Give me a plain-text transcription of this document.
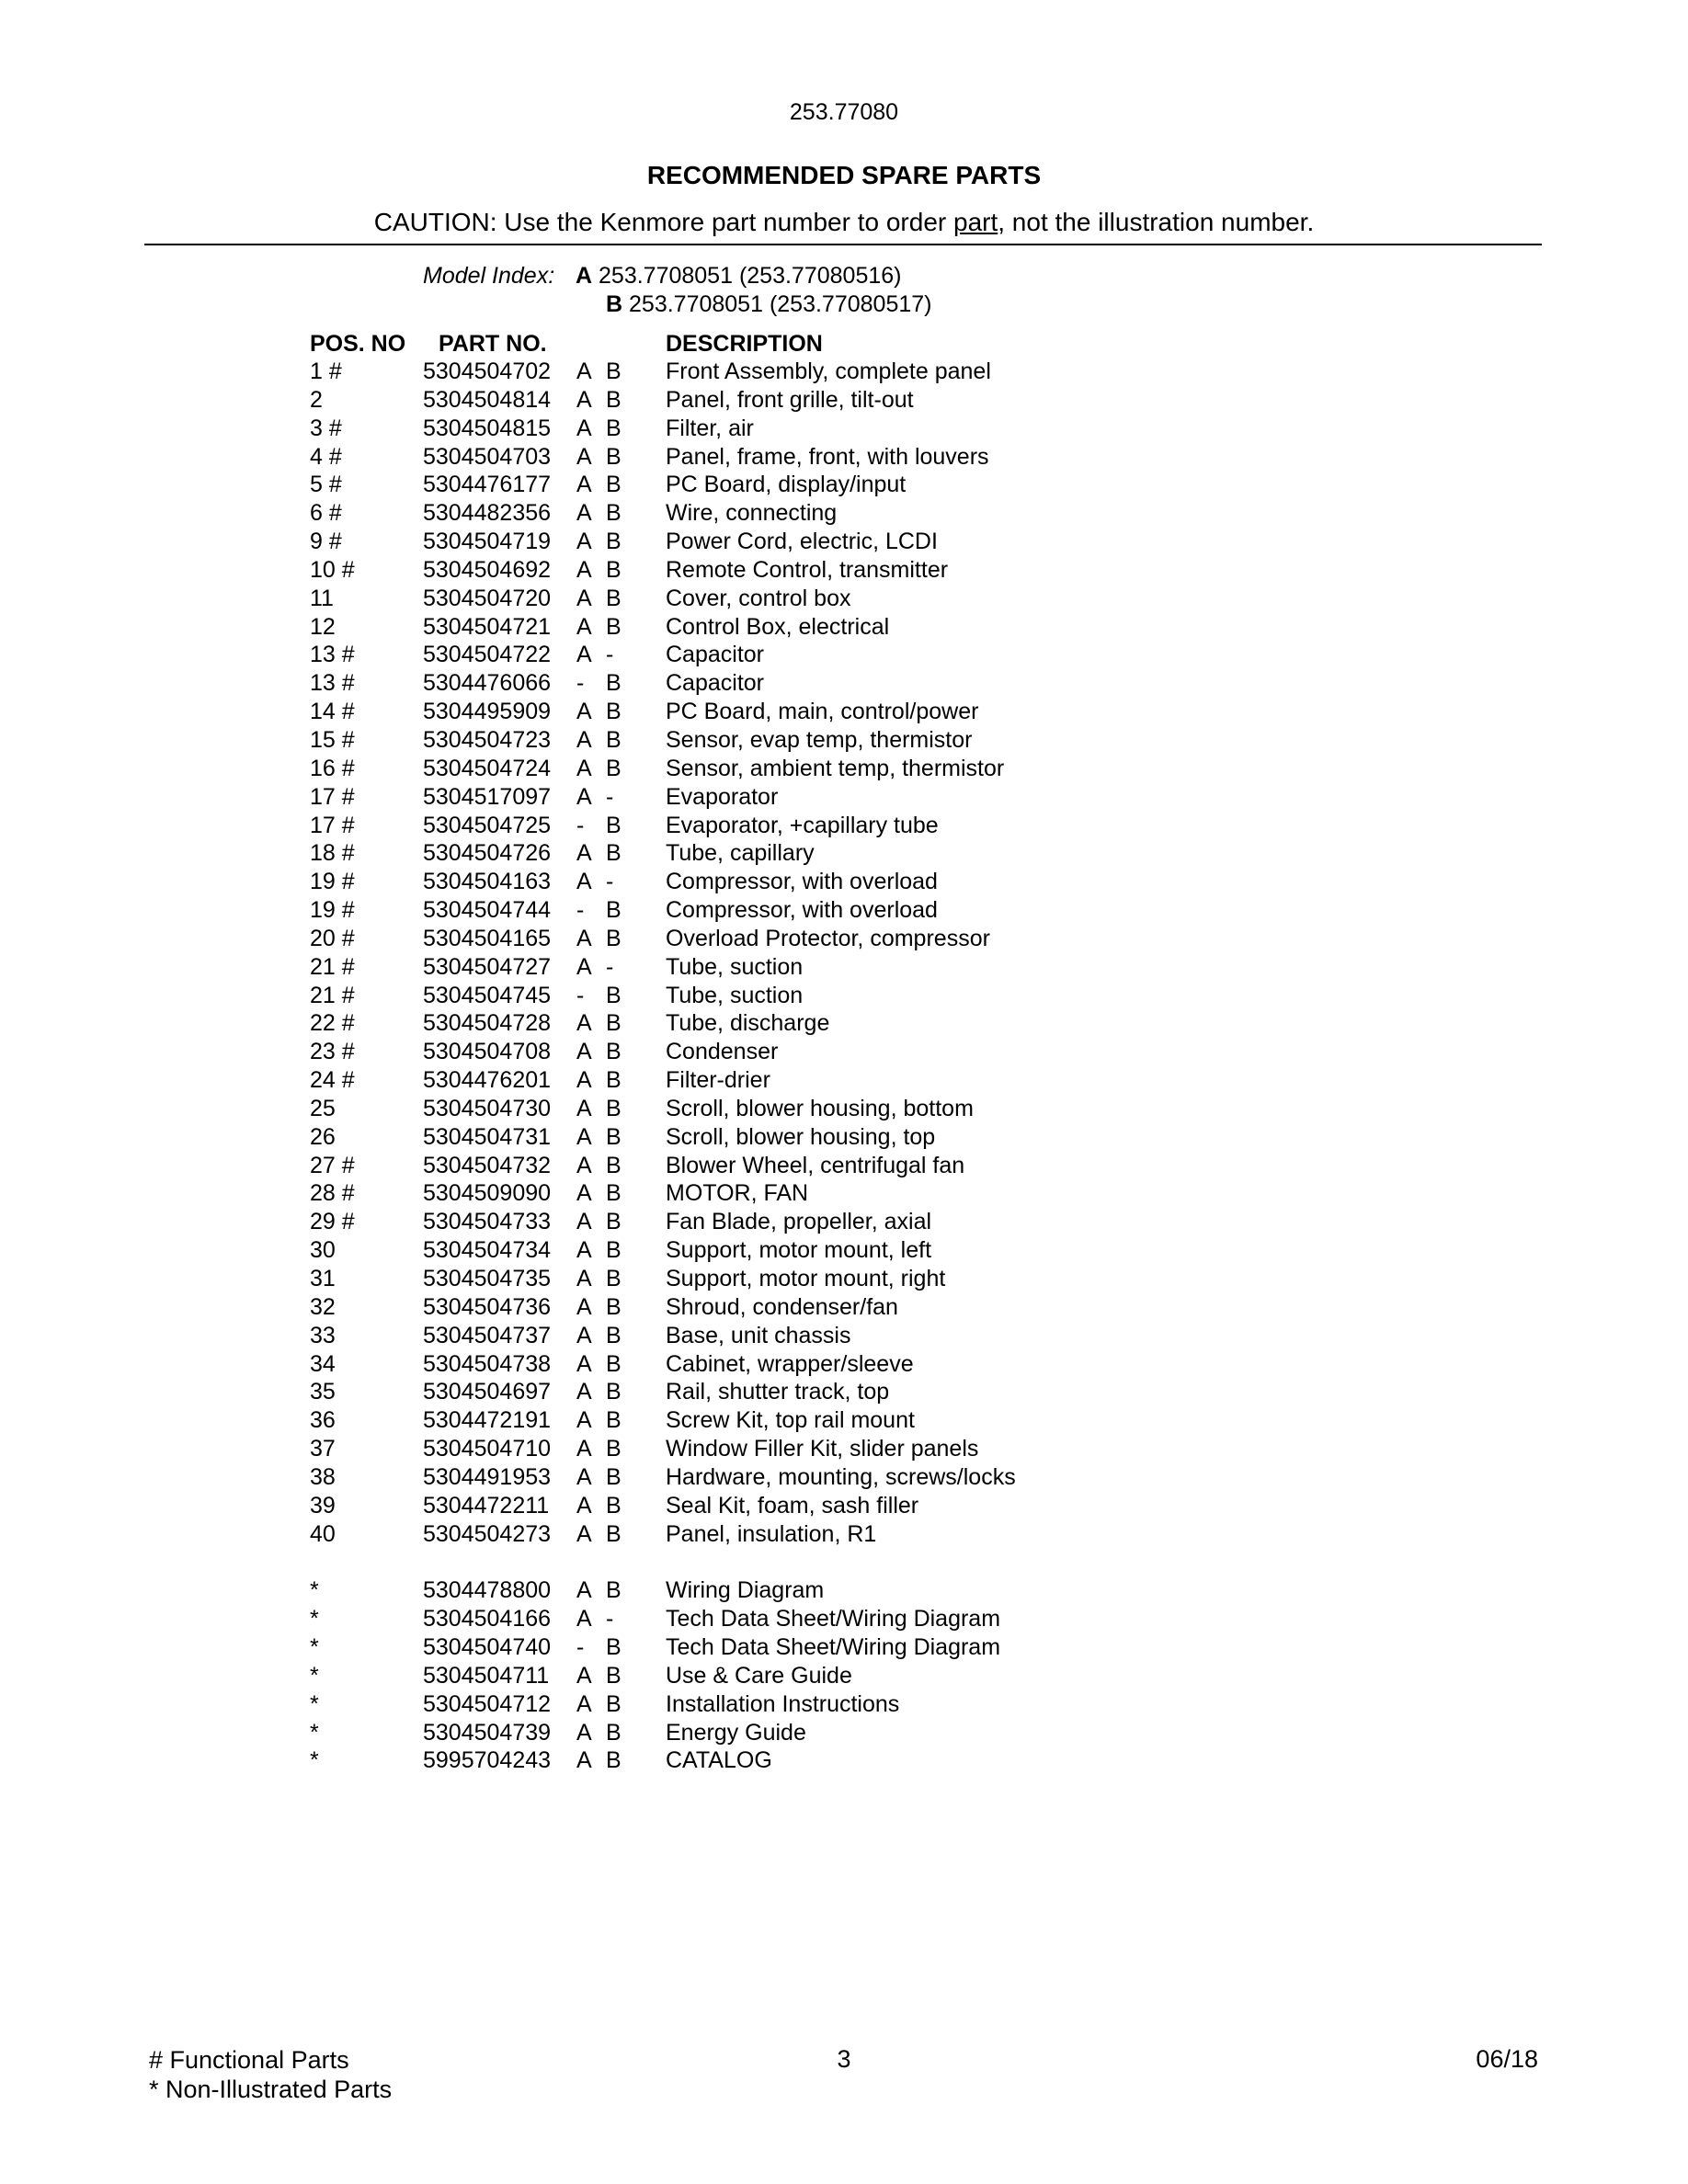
253.77080
RECOMMENDED SPARE PARTS
CAUTION: Use the Kenmore part number to order part, not the illustration number.
Model Index: A 253.7708051 (253.77080516)
B 253.7708051 (253.77080517)
POS. NO PART NO.	DESCRIPTION
1 #	5304504702 A B Front Assembly, complete panel
2	5304504814 A B Panel, front grille, tilt-out
3 #	5304504815 A B Filter, air
4 #	5304504703 A B Panel, frame, front, with louvers
5 #	5304476177 A B PC Board, display/input
6 #	5304482356 A B Wire, connecting
9 #	5304504719 A B Power Cord, electric, LCDI
10 #	5304504692 A B Remote Control, transmitter
11	5304504720 A B Cover, control box
12	5304504721 A B Control Box, electrical
13 #	5304504722 A - Capacitor
13 #	5304476066 - B Capacitor
14 #	5304495909 A B PC Board, main, control/power
15 #	5304504723 A B Sensor, evap temp, thermistor
16 #	5304504724 A B Sensor, ambient temp, thermistor
17 #	5304517097 A - Evaporator
17 #	5304504725 - B Evaporator, +capillary tube
18 #	5304504726 A B Tube, capillary
19 #	5304504163 A - Compressor, with overload
19 #	5304504744 - B Compressor, with overload
20 #	5304504165 A B Overload Protector, compressor
21 #	5304504727 A - Tube, suction
21 #	5304504745 - B Tube, suction
22 #	5304504728 A B Tube, discharge
23 #	5304504708 A B Condenser
24 #	5304476201 A B Filter-drier
25	5304504730 A B Scroll, blower housing, bottom
26	5304504731 A B Scroll, blower housing, top
27 #	5304504732 A B Blower Wheel, centrifugal fan
28 #	5304509090 A B MOTOR, FAN
29 #	5304504733 A B Fan Blade, propeller, axial
30	5304504734 A B Support, motor mount, left
31	5304504735 A B Support, motor mount, right
32	5304504736 A B Shroud, condenser/fan
33	5304504737 A B Base, unit chassis
34	5304504738 A B Cabinet, wrapper/sleeve
35	5304504697 A B Rail, shutter track, top
36	5304472191 A B Screw Kit, top rail mount
37	5304504710 A B Window Filler Kit, slider panels
38	5304491953 A B Hardware, mounting, screws/locks
39	5304472211 A B Seal Kit, foam, sash filler
40	5304504273 A B Panel, insulation, R1
*	5304478800 A B Wiring Diagram
*	5304504166 A - Tech Data Sheet/Wiring Diagram
*	5304504740 - B Tech Data Sheet/Wiring Diagram
*	5304504711 A B Use & Care Guide
*	5304504712 A B Installation Instructions
*	5304504739 A B Energy Guide
*	5995704243 A B CATALOG
# Functional Parts
* Non-Illustrated Parts
3	06/18
